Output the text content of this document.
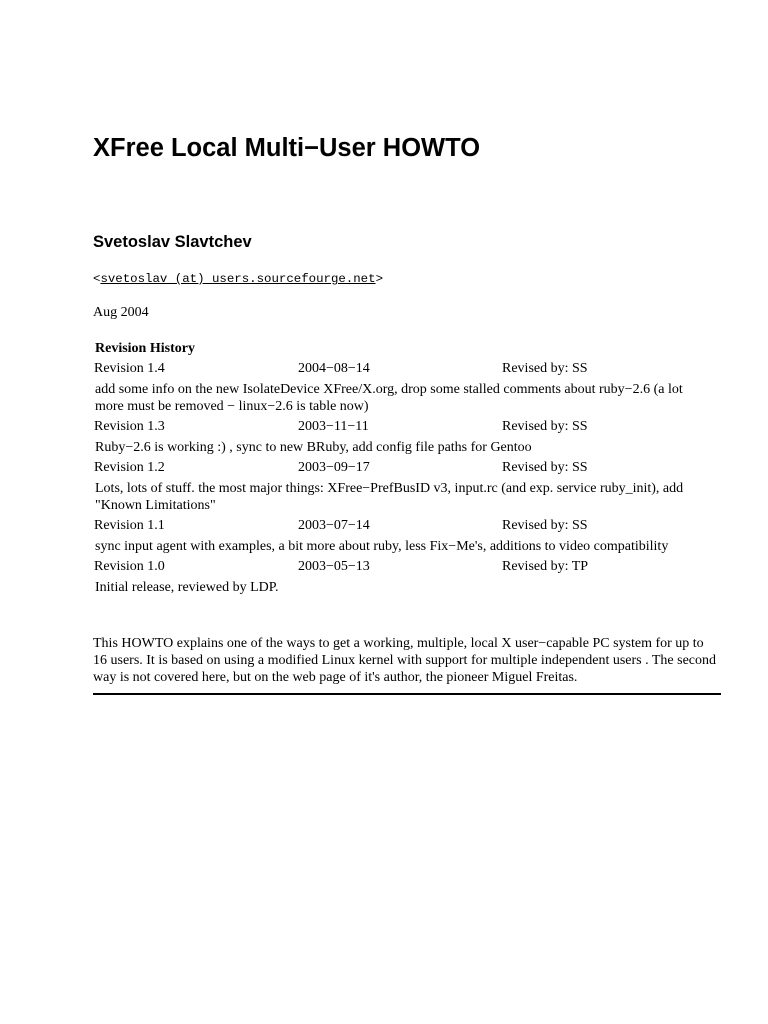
XFree Local Multi−User HOWTO
Svetoslav Slavtchev
<svetoslav (at) users.sourcefourge.net>
Aug 2004
Revision History
Revision 1.4	2004−08−14	Revised by: SS
add some info on the new IsolateDevice XFree/X.org, drop some stalled comments about ruby−2.6 (a lot more must be removed − linux−2.6 is table now)
Revision 1.3	2003−11−11	Revised by: SS
Ruby−2.6 is working :) , sync to new BRuby, add config file paths for Gentoo
Revision 1.2	2003−09−17	Revised by: SS
Lots, lots of stuff. the most major things: XFree−PrefBusID v3, input.rc (and exp. service ruby_init), add "Known Limitations"
Revision 1.1	2003−07−14	Revised by: SS
sync input agent with examples, a bit more about ruby, less Fix−Me's, additions to video compatibility
Revision 1.0	2003−05−13	Revised by: TP
Initial release, reviewed by LDP.

This HOWTO explains one of the ways to get a working, multiple, local X user−capable PC system for up to 16 users. It is based on using a modified Linux kernel with support for multiple independent users . The second way is not covered here, but on the web page of it's author, the pioneer Miguel Freitas.
